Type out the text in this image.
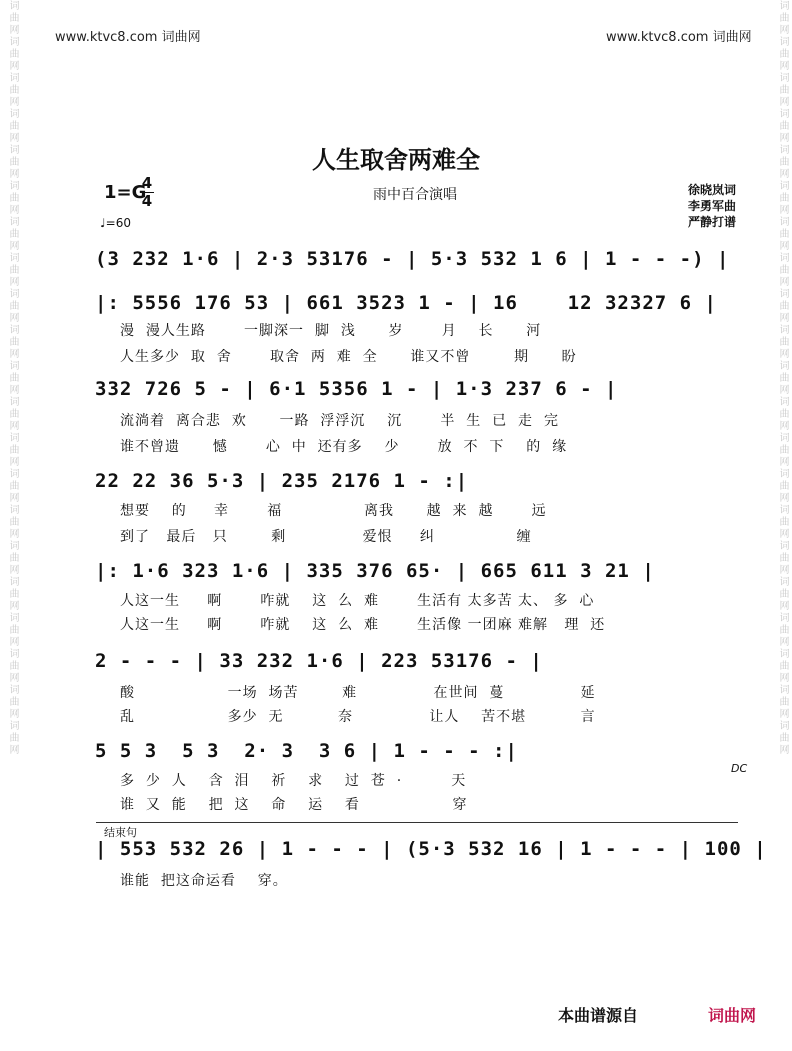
词曲网词曲网词曲网词曲网词曲网词曲网词曲网词曲网词曲网词曲网词曲网词曲网词曲网词曲网词曲网词曲网词曲网词曲网词曲网词曲网词曲网	词曲网词曲网词曲网词曲网词曲网词曲网词曲网词曲网词曲网词曲网词曲网词曲网词曲网词曲网词曲网词曲网词曲网词曲网词曲网词曲网词曲网
www.ktvc8.com 词曲网	www.ktvc8.com 词曲网
人生取舍两难全
雨中百合演唱
1=G
4
4
♩=60
徐晓岚词
李勇军曲
严静打谱
(3 232 1·6 | 2·3 53176 - | 5·3 532 1 6 | 1 - - -) |
|: 5556 176 53 | 661 3523 1 - | 16    12 32327 6 |
漫  漫人生路       一脚深一  脚  浅      岁       月    长      河
人生多少  取  舍       取舍  两  难  全      谁又不曾        期      盼
332 726 5 - | 6·1 5356 1 - | 1·3 237 6 - |
流淌着  离合悲  欢      一路  浮浮沉    沉       半  生  已  走  完
谁不曾遗      憾       心  中  还有多    少       放  不  下    的  缘
22 22 36 5·3 | 235 2176 1 - :|
想要    的     幸       福               离我      越  来  越       远
到了   最后   只        剩              爱恨     纠               缠
|: 1·6 323 1·6 | 335 376 65· | 665 611 3 21 |
人这一生     啊       咋就    这  么  难       生活有 太多苦 太、 多  心
人这一生     啊       咋就    这  么  难       生活像 一团麻 难解   理  还
2 - - - | 33 232 1·6 | 223 53176 - |
酸                 一场  场苦        难              在世间  蔓              延
乱                 多少  无          奈              让人    苦不堪          言
5 5 3  5 3  2· 3  3 6 | 1 - - - :|
DC
多  少  人    含  泪    祈    求    过  苍  ·         天
谁  又  能    把  这    命    运    看                 穿
结束句
| 553 532 26 | 1 - - - | (5·3 532 16 | 1 - - - | 100 |
谁能  把这命运看    穿。
本曲谱源自	词曲网
